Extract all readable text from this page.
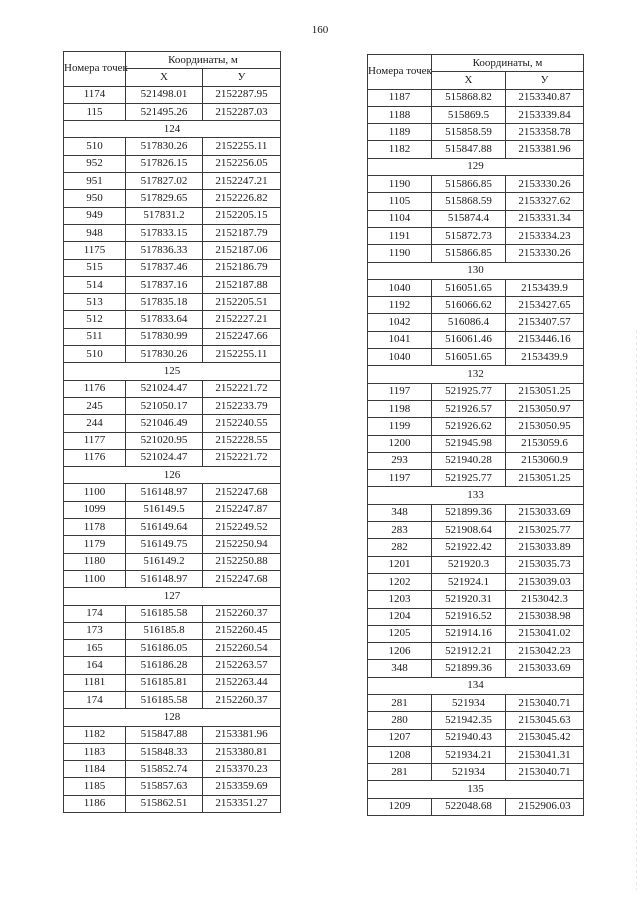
160
Номера точек	Координаты, м	
	X	У
1174	521498.01	2152287.95
115	521495.26	2152287.03
124		
510	517830.26	2152255.11
952	517826.15	2152256.05
951	517827.02	2152247.21
950	517829.65	2152226.82
949	517831.2	2152205.15
948	517833.15	2152187.79
1175	517836.33	2152187.06
515	517837.46	2152186.79
514	517837.16	2152187.88
513	517835.18	2152205.51
512	517833.64	2152227.21
511	517830.99	2152247.66
510	517830.26	2152255.11
125		
1176	521024.47	2152221.72
245	521050.17	2152233.79
244	521046.49	2152240.55
1177	521020.95	2152228.55
1176	521024.47	2152221.72
126		
1100	516148.97	2152247.68
1099	516149.5	2152247.87
1178	516149.64	2152249.52
1179	516149.75	2152250.94
1180	516149.2	2152250.88
1100	516148.97	2152247.68
127		
174	516185.58	2152260.37
173	516185.8	2152260.45
165	516186.05	2152260.54
164	516186.28	2152263.57
1181	516185.81	2152263.44
174	516185.58	2152260.37
128		
1182	515847.88	2153381.96
1183	515848.33	2153380.81
1184	515852.74	2153370.23
1185	515857.63	2153359.69
1186	515862.51	2153351.27
Номера точек	Координаты, м	
	X	У
1187	515868.82	2153340.87
1188	515869.5	2153339.84
1189	515858.59	2153358.78
1182	515847.88	2153381.96
129		
1190	515866.85	2153330.26
1105	515868.59	2153327.62
1104	515874.4	2153331.34
1191	515872.73	2153334.23
1190	515866.85	2153330.26
130		
1040	516051.65	2153439.9
1192	516066.62	2153427.65
1042	516086.4	2153407.57
1041	516061.46	2153446.16
1040	516051.65	2153439.9
132		
1197	521925.77	2153051.25
1198	521926.57	2153050.97
1199	521926.62	2153050.95
1200	521945.98	2153059.6
293	521940.28	2153060.9
1197	521925.77	2153051.25
133		
348	521899.36	2153033.69
283	521908.64	2153025.77
282	521922.42	2153033.89
1201	521920.3	2153035.73
1202	521924.1	2153039.03
1203	521920.31	2153042.3
1204	521916.52	2153038.98
1205	521914.16	2153041.02
1206	521912.21	2153042.23
348	521899.36	2153033.69
134		
281	521934	2153040.71
280	521942.35	2153045.63
1207	521940.43	2153045.42
1208	521934.21	2153041.31
281	521934	2153040.71
135		
1209	522048.68	2152906.03
